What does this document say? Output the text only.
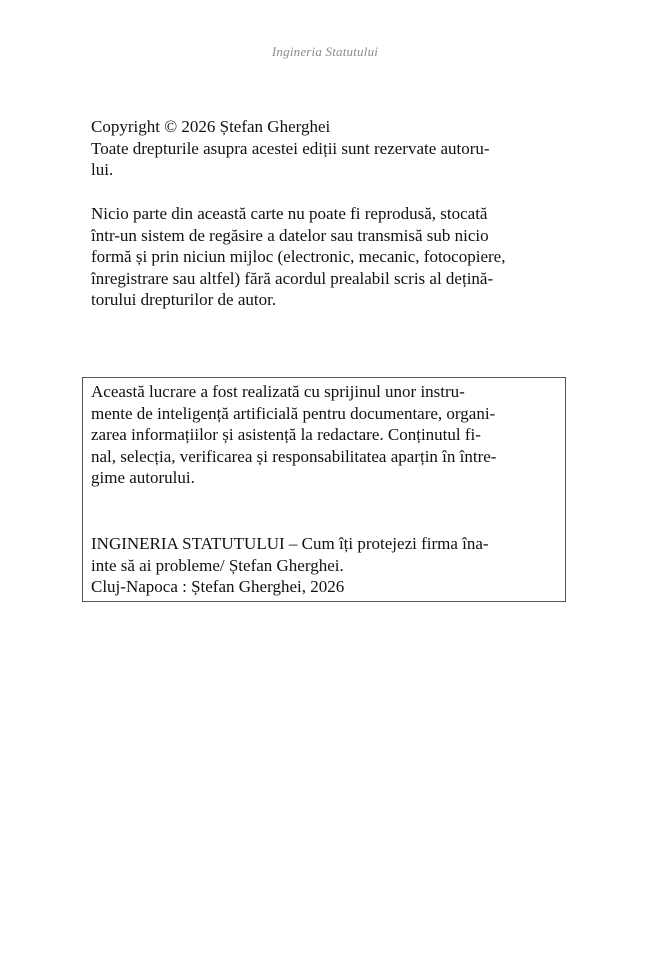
Ingineria Statutului

Copyright © 2026 Ștefan Gherghei
Toate drepturile asupra acestei ediții sunt rezervate autoru-
lui.

Nicio parte din această carte nu poate fi reprodusă, stocată
într-un sistem de regăsire a datelor sau transmisă sub nicio
formă și prin niciun mijloc (electronic, mecanic, fotocopiere,
înregistrare sau altfel) fără acordul prealabil scris al dețină-
torului drepturilor de autor.

Această lucrare a fost realizată cu sprijinul unor instru-
mente de inteligență artificială pentru documentare, organi-
zarea informațiilor și asistență la redactare. Conținutul fi-
nal, selecția, verificarea și responsabilitatea aparțin în între-
gime autorului.
INGINERIA STATUTULUI – Cum îți protejezi firma îna-
inte să ai probleme/ Ștefan Gherghei.
Cluj-Napoca : Ștefan Gherghei, 2026
